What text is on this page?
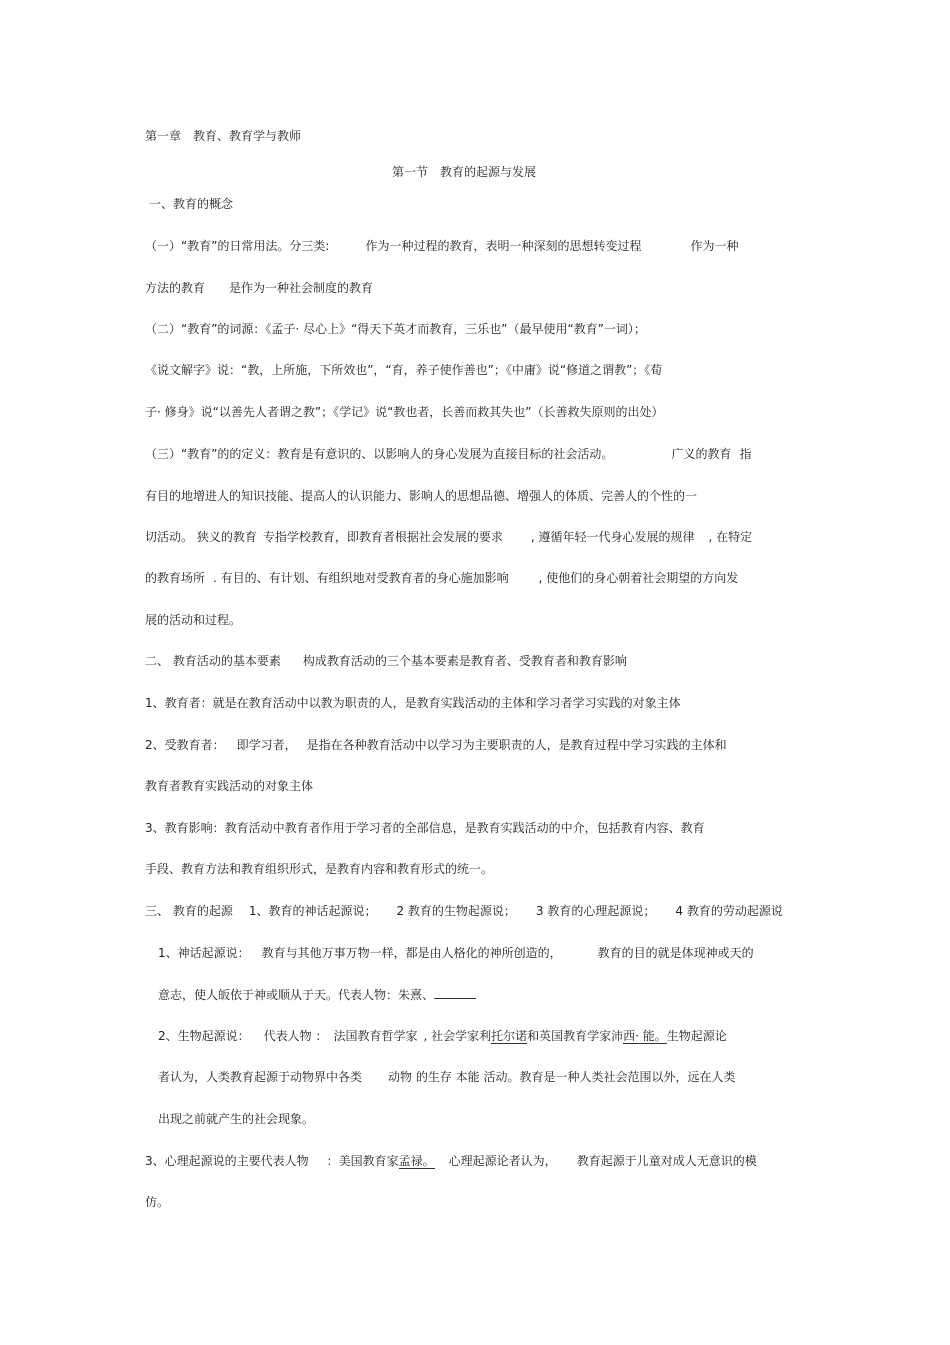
第一章　教育、教育学与教师
第一节　教育的起源与发展
一、教育的概念
（一）“教育”的日常用法。分三类:	作为一种过程的教育，表明一种深刻的思想转变过程	作为一种
方法的教育 是作为一种社会制度的教育
（二）“教育”的词源：《孟子· 尽心上》“得天下英才而教育，三乐也”（最早使用“教育”一词）；
《说文解字》说：“教，上所施，下所效也”，“育，养子使作善也”；《中庸》说“修道之谓教”；《荀
子· 修身》说“以善先人者谓之教”；《学记》说“教也者，长善而救其失也”（长善救失原则的出处）
（三）“教育”的的定义：教育是有意识的、以影响人的身心发展为直接目标的社会活动。	广义的教育 指
有目的地增进人的知识技能、提高人的认识能力、影响人的思想品德、增强人的体质、完善人的个性的一
切活动。 狭义的教育 专指学校教育，即教育者根据社会发展的要求 , 遵循年轻一代身心发展的规律 , 在特定
的教育场所 . 有目的、有计划、有组织地对受教育者的身心施加影响	, 使他们的身心朝着社会期望的方向发
展的活动和过程。
二、 教育活动的基本要素 构成教育活动的三个基本要素是教育者、受教育者和教育影响
1、教育者：就是在教育活动中以教为职责的人，是教育实践活动的主体和学习者学习实践的对象主体
2、受教育者： 即学习者， 是指在各种教育活动中以学习为主要职责的人，是教育过程中学习实践的主体和
教育者教育实践活动的对象主体
3、教育影响：教育活动中教育者作用于学习者的全部信息，是教育实践活动的中介，包括教育内容、教育
手段、教育方法和教育组织形式，是教育内容和教育形式的统一。
三、 教育的起源 1、教育的神话起源说； 2 教育的生物起源说； 3 教育的心理起源说； 4 教育的劳动起源说
1、神话起源说： 教育与其他万事万物一样，都是由人格化的神所创造的，	教育的目的就是体现神或天的
意志，使人皈依于神或顺从于天。代表人物：朱熹、
2、生物起源说： 代表人物 ： 法国教育哲学家 , 社会学家利托尔诺和英国教育学家沛西· 能。生物起源论
者认为，人类教育起源于动物界中各类 动物 的生存 本能 活动。教育是一种人类社会范围以外，远在人类
出现之前就产生的社会现象。
3、心理起源说的主要代表人物 ：美国教育家孟禄。 心理起源论者认为， 教育起源于儿童对成人无意识的模
仿。
